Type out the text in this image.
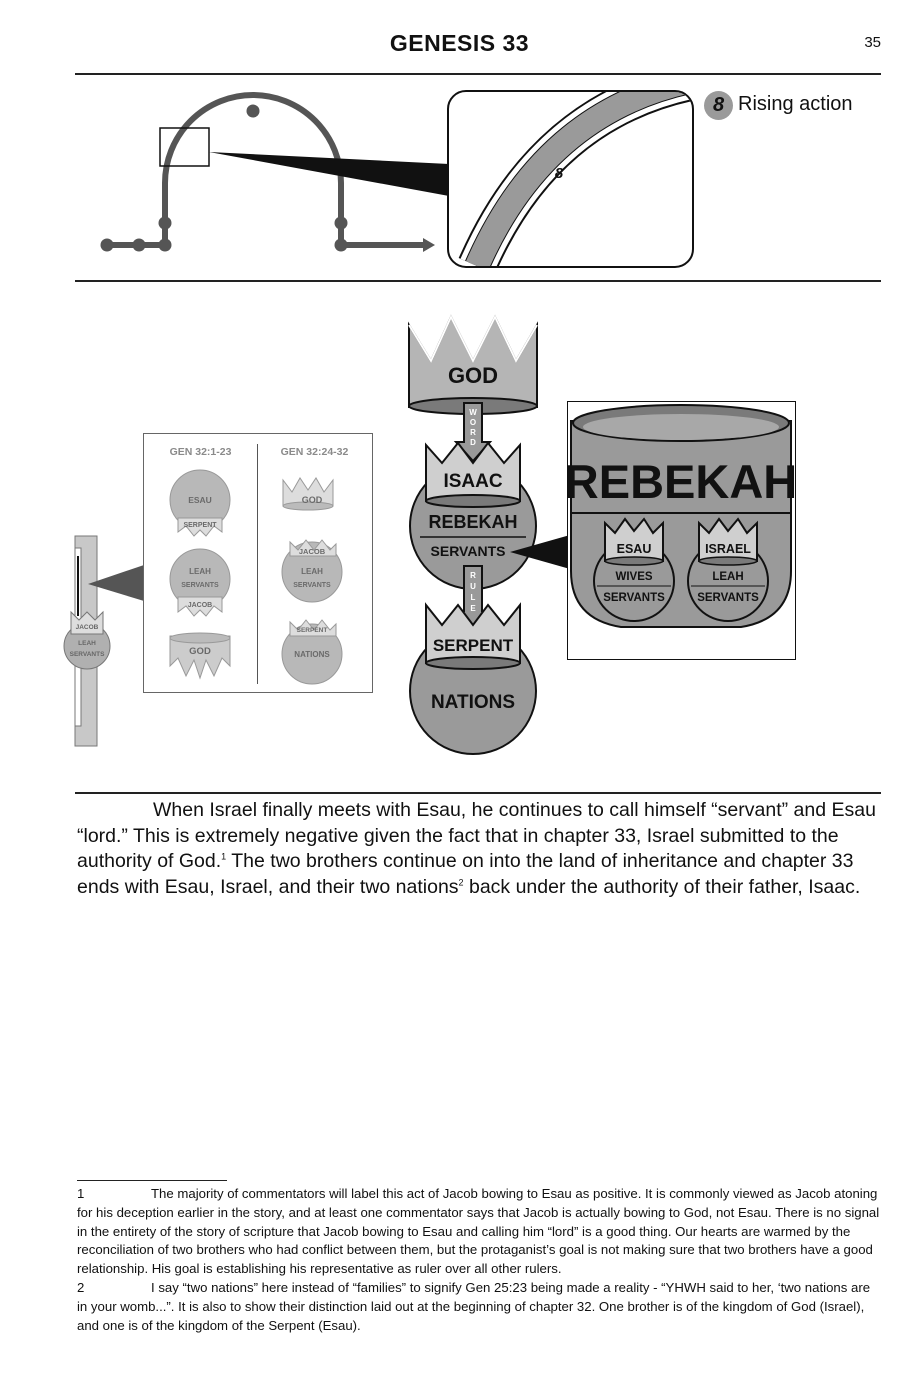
GENESIS 33	35
8
8 Rising action
JACOB
LEAH
SERVANTS
GEN 32:1-23	GEN 32:24-32
ESAU
SERPENT
LEAH
SERVANTS
JACOB
GOD
GOD
JACOB
LEAH
SERVANTS
SERPENT
NATIONS
GOD
W
O
R
D
ISAAC
REBEKAH
SERVANTS
R
U
L
E
SERPENT
NATIONS
REBEKAH
ESAU
WIVES
SERVANTS
ISRAEL
LEAH
SERVANTS

When Israel finally meets with Esau, he continues to call himself “servant” and Esau “lord.” This is extremely negative given the fact that in chapter 33, Israel submitted to the authority of God.$^1$ The two brothers continue on into the land of inheritance and chapter 33 ends with Esau, Israel, and their two nations$^2$ back under the authority of their father, Isaac.

1	The majority of commentators will label this act of Jacob bowing to Esau as positive. It is commonly viewed as Jacob atoning for his deception earlier in the story, and at least one commentator says that Jacob is actually bowing to God, not Esau. There is no signal in the entirety of the story of scripture that Jacob bowing to Esau and calling him “lord” is a good thing. Our hearts are warmed by the reconciliation of two brothers who had conflict between them, but the protaganist’s goal is not making sure that two brothers have a good relationship. His goal is establishing his representative as ruler over all other rulers.

2	I say “two nations” here instead of “families” to signify Gen 25:23 being made a reality - “YHWH said to her, ‘two nations are in your womb...”. It is also to show their distinction laid out at the beginning of chapter 32. One brother is of the kingdom of God (Israel), and one is of the kingdom of the Serpent (Esau).
